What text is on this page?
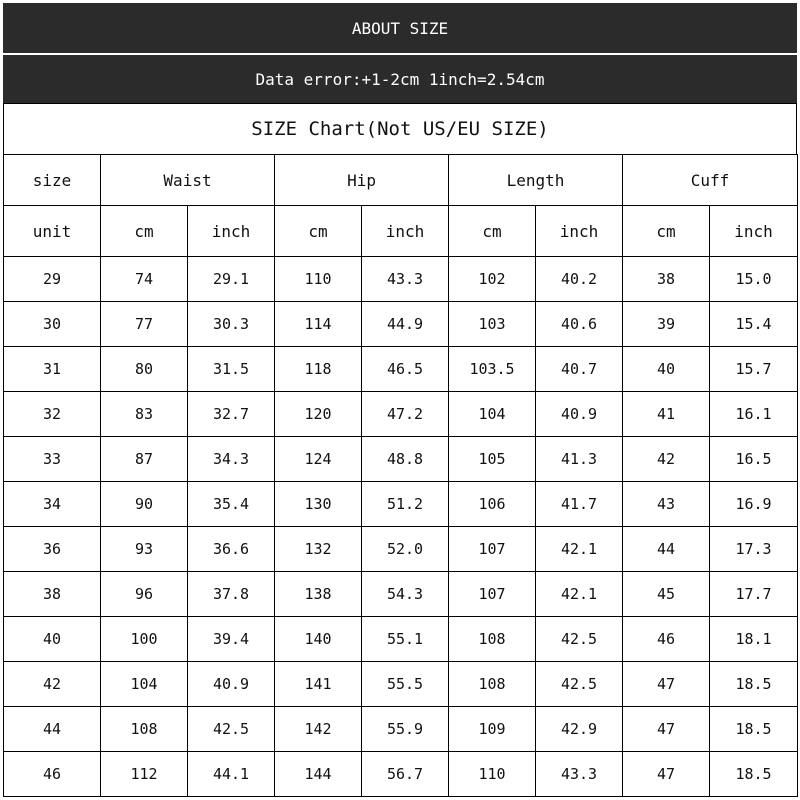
ABOUT SIZE
Data error:+1-2cm 1inch=2.54cm
SIZE Chart(Not US/EU SIZE)
size	Waist		Hip		Length		Cuff	
unit	cm	inch	cm	inch	cm	inch	cm	inch
29	74	29.1	110	43.3	102	40.2	38	15.0
30	77	30.3	114	44.9	103	40.6	39	15.4
31	80	31.5	118	46.5	103.5	40.7	40	15.7
32	83	32.7	120	47.2	104	40.9	41	16.1
33	87	34.3	124	48.8	105	41.3	42	16.5
34	90	35.4	130	51.2	106	41.7	43	16.9
36	93	36.6	132	52.0	107	42.1	44	17.3
38	96	37.8	138	54.3	107	42.1	45	17.7
40	100	39.4	140	55.1	108	42.5	46	18.1
42	104	40.9	141	55.5	108	42.5	47	18.5
44	108	42.5	142	55.9	109	42.9	47	18.5
46	112	44.1	144	56.7	110	43.3	47	18.5
